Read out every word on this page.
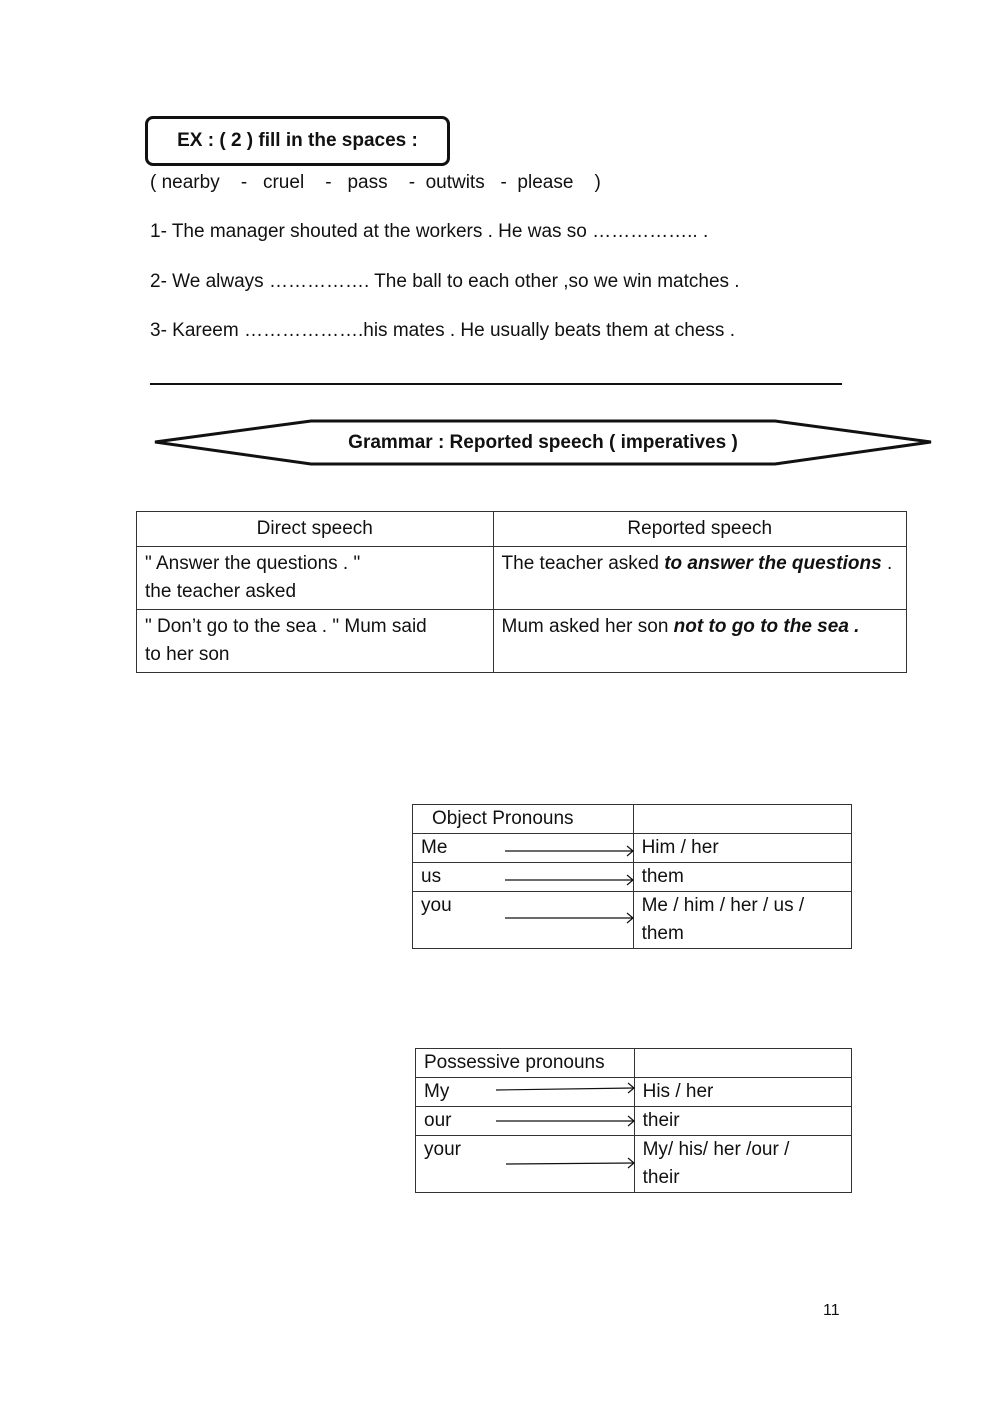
EX : ( 2 ) fill in the spaces :
( nearby    -   cruel    -   pass    -  outwits   -  please    )
1- The manager shouted at the workers . He was so …………….. .
2- We always ……………. The ball to each other ,so we win matches .
3- Kareem ……………….his mates . He usually beats them at chess .
Grammar : Reported speech ( imperatives )
Direct speech	Reported speech

" Answer the questions . "
the teacher asked	The teacher asked to answer the questions .

" Don’t go to the sea . " Mum said
to her son	Mum asked her son not to go to the sea .
Object Pronouns	
Me	Him / her
us	them
you	Me / him / her / us /
them
Possessive pronouns	
My	His / her
our	their
your	My/ his/ her /our /
their
11
